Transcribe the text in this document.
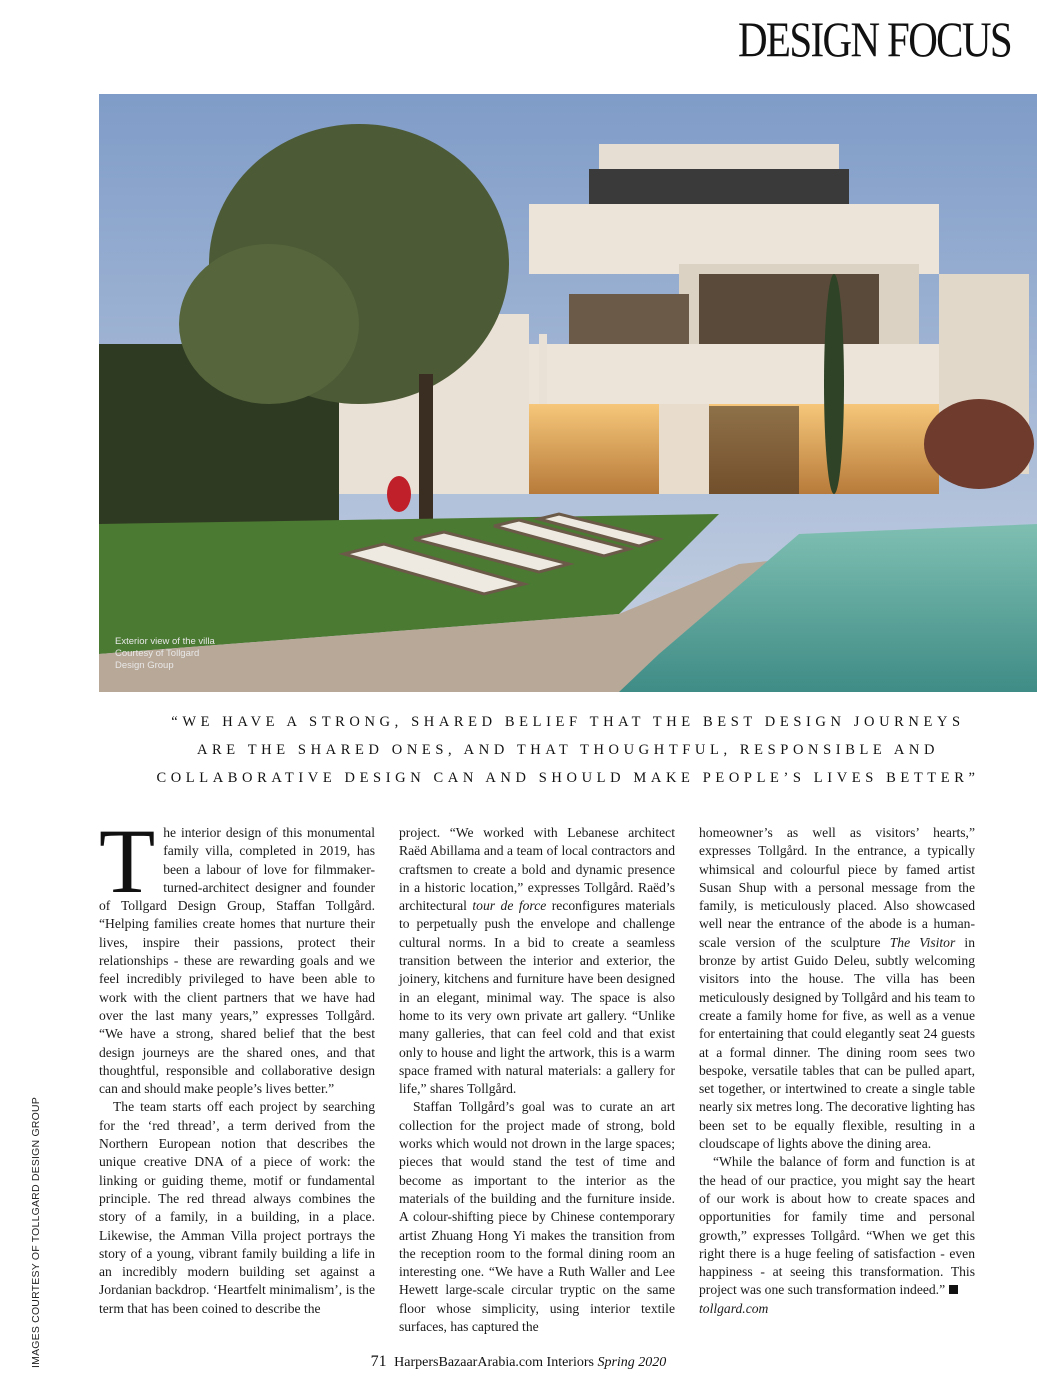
DESIGN FOCUS
IMAGES COURTESY OF TOLLGARD DESIGN GROUP
Exterior view of the villa
Courtesy of Tollgard
Design Group
“WE HAVE A STRONG, SHARED BELIEF THAT THE BEST DESIGN JOURNEYS
ARE THE SHARED ONES, AND THAT THOUGHTFUL, RESPONSIBLE AND
COLLABORATIVE DESIGN CAN AND SHOULD MAKE PEOPLE’S LIVES BETTER”

The interior design of this monumental family villa, completed in 2019, has been a labour of love for filmmaker-turned-architect designer and founder of Tollgard Design Group, Staffan Tollgård. “Helping families create homes that nurture their lives, inspire their passions, protect their relationships - these are rewarding goals and we feel incredibly privileged to have been able to work with the client partners that we have had over the last many years,” expresses Tollgård. “We have a strong, shared belief that the best design journeys are the shared ones, and that thoughtful, responsible and collaborative design can and should make people’s lives better.”

The team starts off each project by searching for the ‘red thread’, a term derived from the Northern European notion that describes the unique creative DNA of a piece of work: the linking or guiding theme, motif or fundamental principle. The red thread always combines the story of a family, in a building, in a place. Likewise, the Amman Villa project portrays the story of a young, vibrant family building a life in an incredibly modern building set against a Jordanian backdrop. ‘Heartfelt minimalism’, is the term that has been coined to describe the

project. “We worked with Lebanese architect Raëd Abillama and a team of local contractors and craftsmen to create a bold and dynamic presence in a historic location,” expresses Tollgård. Raëd’s architectural tour de force reconfigures materials to perpetually push the envelope and challenge cultural norms. In a bid to create a seamless transition between the interior and exterior, the joinery, kitchens and furniture have been designed in an elegant, minimal way. The space is also home to its very own private art gallery. “Unlike many galleries, that can feel cold and that exist only to house and light the artwork, this is a warm space framed with natural materials: a gallery for life,” shares Tollgård.

Staffan Tollgård’s goal was to curate an art collection for the project made of strong, bold works which would not drown in the large spaces; pieces that would stand the test of time and become as important to the interior as the materials of the building and the furniture inside. A colour-shifting piece by Chinese contemporary artist Zhuang Hong Yi makes the transition from the reception room to the formal dining room an interesting one. “We have a Ruth Waller and Lee Hewett large-scale circular tryptic on the same floor whose simplicity, using interior textile surfaces, has captured the

homeowner’s as well as visitors’ hearts,” expresses Tollgård. In the entrance, a typically whimsical and colourful piece by famed artist Susan Shup with a personal message from the family, is meticulously placed. Also showcased well near the entrance of the abode is a human-scale version of the sculpture The Visitor in bronze by artist Guido Deleu, subtly welcoming visitors into the house. The villa has been meticulously designed by Tollgård and his team to create a family home for five, as well as a venue for entertaining that could elegantly seat 24 guests at a formal dinner. The dining room sees two bespoke, versatile tables that can be pulled apart, set together, or intertwined to create a single table nearly six metres long. The decorative lighting has been set to be equally flexible, resulting in a cloudscape of lights above the dining area.

“While the balance of form and function is at the head of our practice, you might say the heart of our work is about how to create spaces and opportunities for family time and personal growth,” expresses Tollgård. “When we get this right there is a huge feeling of satisfaction - even happiness - at seeing this transformation. This project was one such transformation indeed.”
tollgard.com

71 HarpersBazaarArabia.com Interiors Spring 2020
